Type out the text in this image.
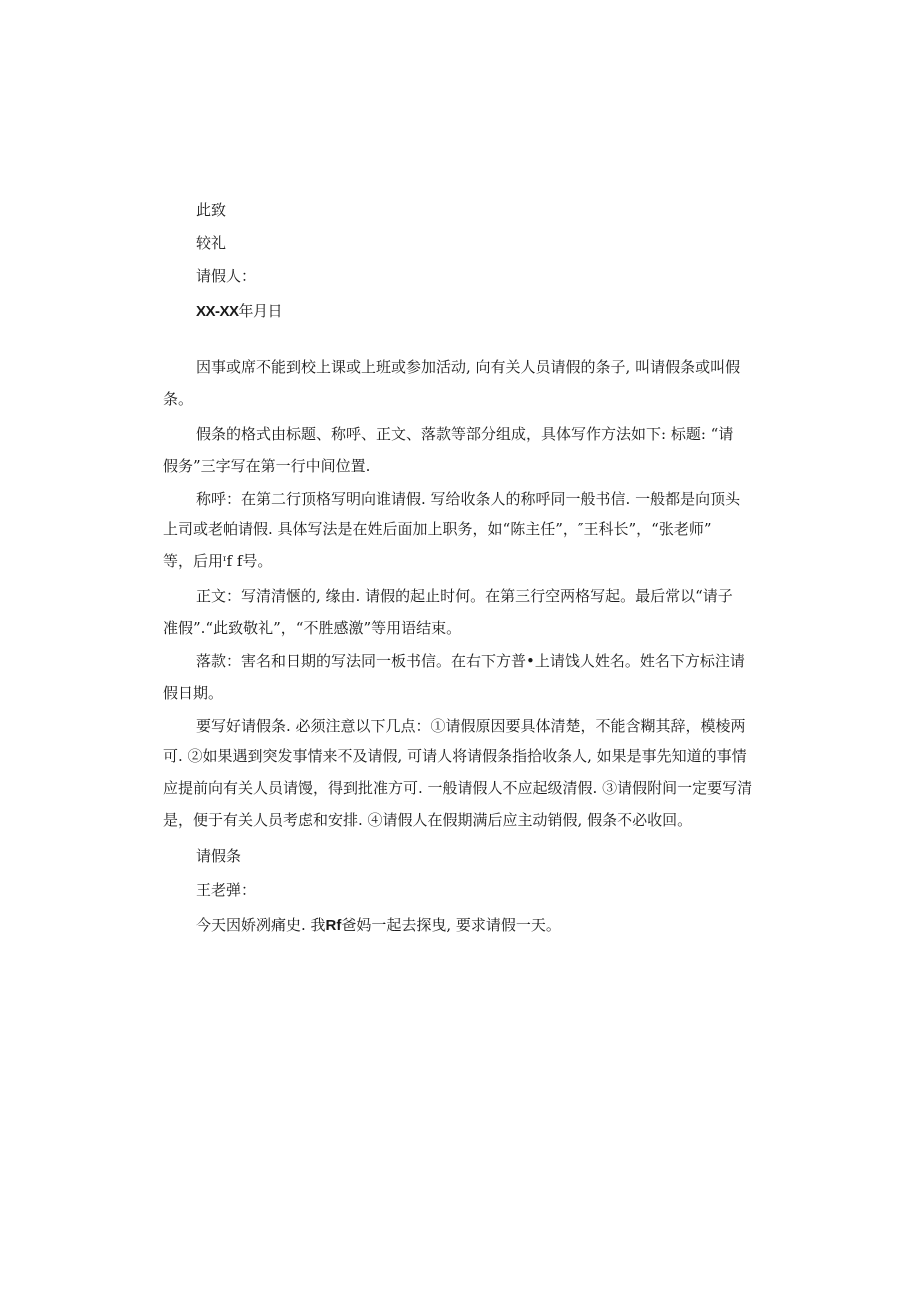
此致
较礼
请假人：
XX-XX年月日
因事或席不能到校上课或上班或参加活动, 向有关人员请假的条子, 叫请假条或叫假
条。
假条的格式由标题、称呼、正文、落款等部分组成，具体写作方法如下: 标题: “请
假务”三字写在第一行中间位置.
称呼：在第二行顶格写明向谁请假. 写给收条人的称呼同一般书信. 一般都是向顶头
上司或老帕请假. 具体写法是在姓后面加上职务，如“陈主任”，″王科长”，“张老师”
等，后用ᶦf f号。
正文：写清清愜的, 缘由. 请假的起止时何。在第三行空两格写起。最后常以“请子
准假”.“此致敬礼”，“不胜感激”等用语结束。
落款：害名和日期的写法同一板书信。在右下方普•上请饯人姓名。姓名下方标注请
假日期。
要写好请假条. 必须注意以下几点：①请假原因要具体清楚，不能含糊其辞，模棱两
可. ②如果遇到突发事情来不及请假, 可请人将请假条指拾收条人, 如果是事先知道的事情
应提前向有关人员请馒，得到批准方可. 一般请假人不应起级清假. ③请假附间一定要写清
是，便于有关人员考虑和安排. ④请假人在假期满后应主动销假, 假条不必收回。
请假条
王老弹：
今天因娇冽痛史. 我Rf爸妈一起去探曳, 要求请假一天。
